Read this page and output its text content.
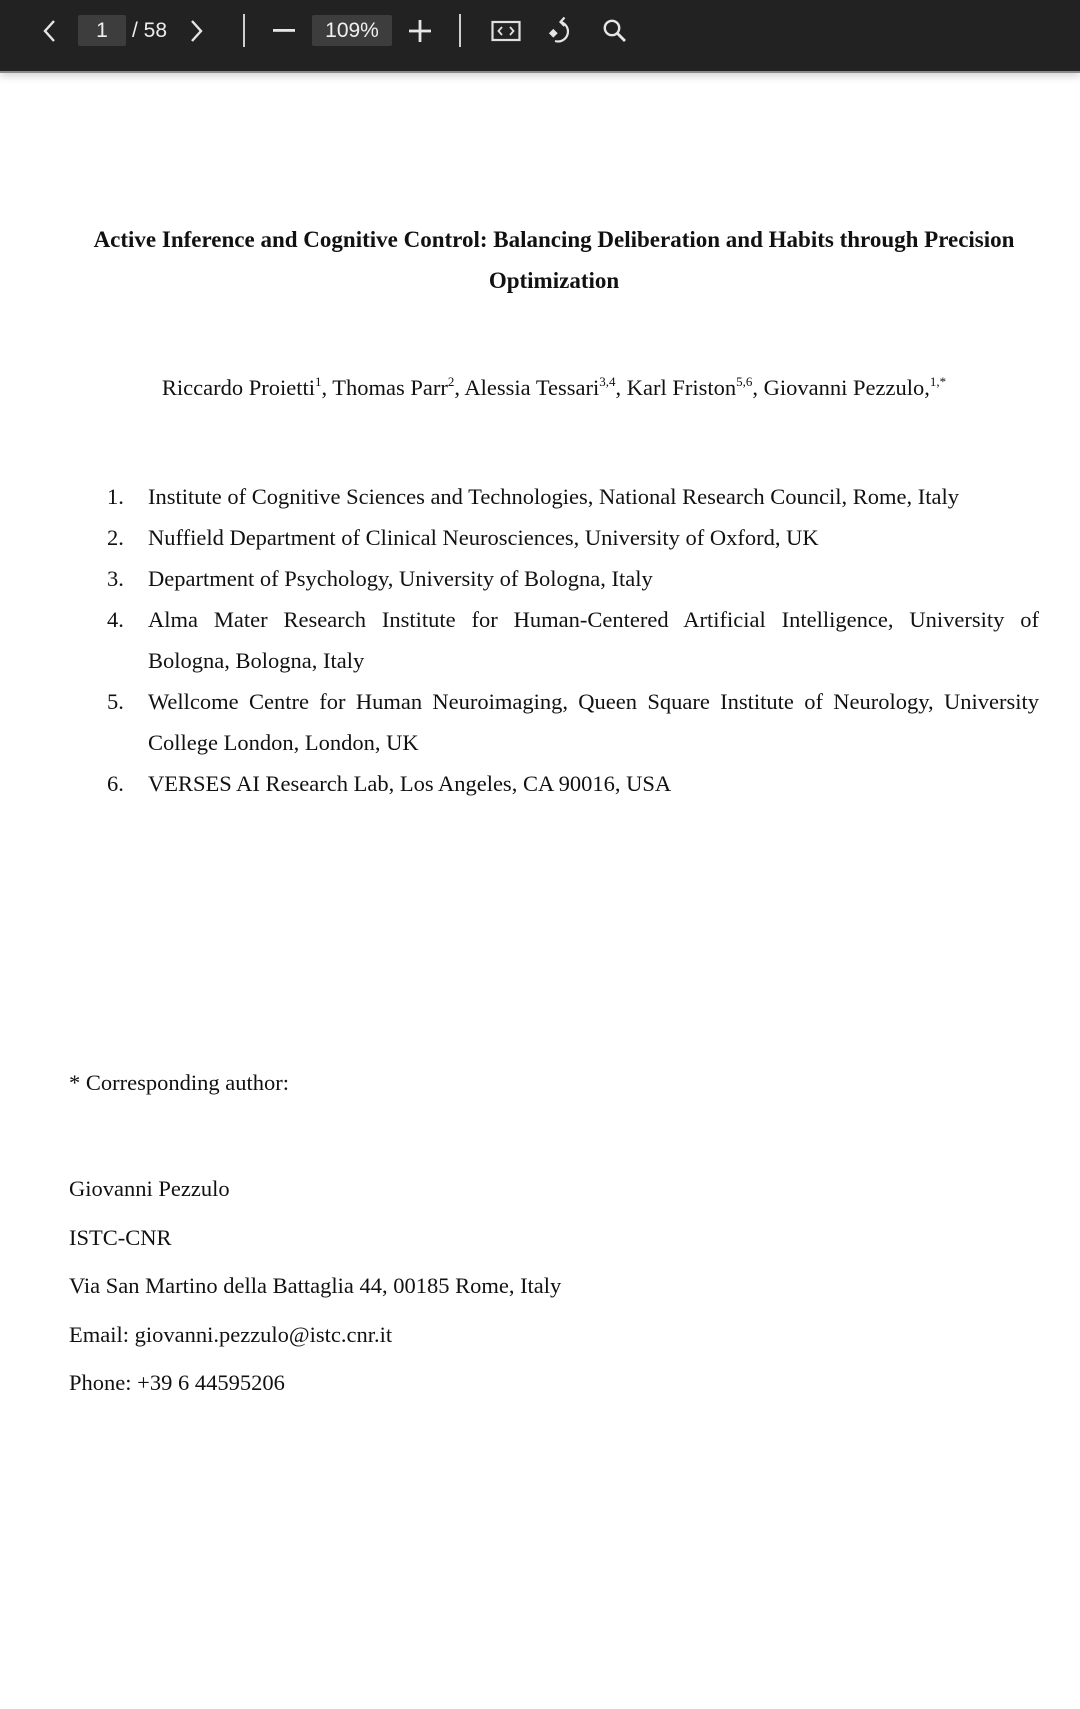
1
/ 58	109%
Active Inference and Cognitive Control: Balancing Deliberation and Habits through Precision
Optimization
Riccardo Proietti$^1$, Thomas Parr$^2$, Alessia Tessari$^{3,4}$, Karl Friston$^{5,6}$, Giovanni Pezzulo,$^{1,*}$
1. Institute of Cognitive Sciences and Technologies, National Research Council, Rome, Italy
2. Nuffield Department of Clinical Neurosciences, University of Oxford, UK
3. Department of Psychology, University of Bologna, Italy
4. Alma Mater Research Institute for Human-Centered Artificial Intelligence, University of
Bologna, Bologna, Italy
5. Wellcome Centre for Human Neuroimaging, Queen Square Institute of Neurology, University
College London, London, UK
6. VERSES AI Research Lab, Los Angeles, CA 90016, USA
* Corresponding author:
Giovanni Pezzulo
ISTC-CNR
Via San Martino della Battaglia 44, 00185 Rome, Italy
Email: giovanni.pezzulo@istc.cnr.it
Phone: +39 6 44595206
